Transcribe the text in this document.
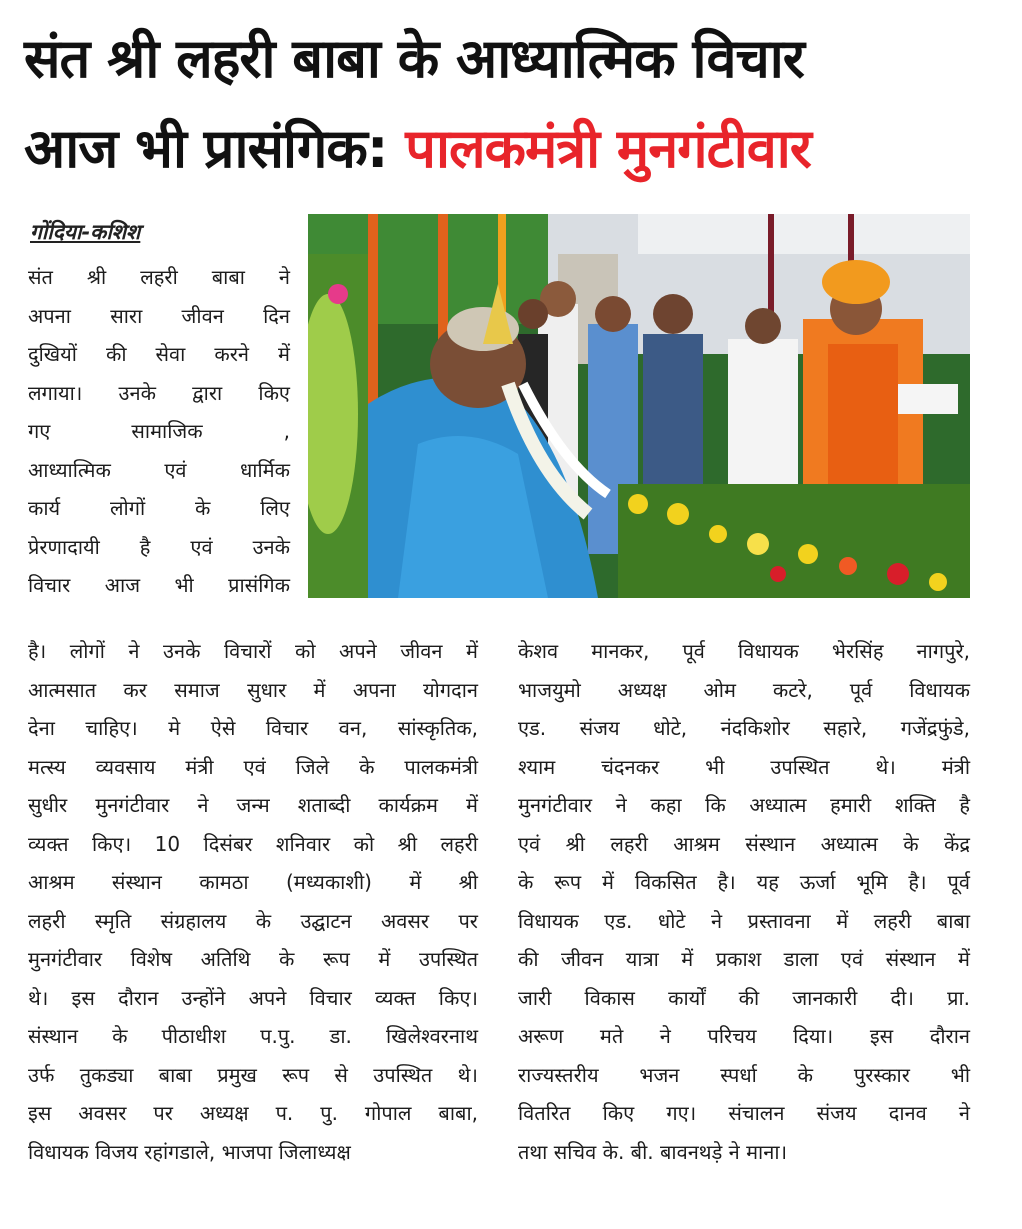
संत श्री लहरी बाबा के आध्यात्मिक विचार
आज भी प्रासंगिक: पालकमंत्री मुनगंटीवार
गोंदिया-कशिश
संत श्री लहरी बाबा ने
अपना सारा जीवन दिन
दुखियों की सेवा करने में
लगाया। उनके द्वारा किए
गए सामाजिक ,
आध्यात्मिक एवं धार्मिक
कार्य लोगों के लिए
प्रेरणादायी है एवं उनके
विचार आज भी प्रासंगिक
है। लोगों ने उनके विचारों को अपने जीवन में
आत्मसात कर समाज सुधार में अपना योगदान
देना चाहिए। मे ऐसे विचार वन, सांस्कृतिक,
मत्स्य व्यवसाय मंत्री एवं जिले के पालकमंत्री
सुधीर मुनगंटीवार ने जन्म शताब्दी कार्यक्रम में
व्यक्त किए। 10 दिसंबर शनिवार को श्री लहरी
आश्रम संस्थान कामठा (मध्यकाशी) में श्री
लहरी स्मृति संग्रहालय के उद्घाटन अवसर पर
मुनगंटीवार विशेष अतिथि के रूप में उपस्थित
थे। इस दौरान उन्होंने अपने विचार व्यक्त किए।
संस्थान के पीठाधीश प.पु. डा. खिलेश्वरनाथ
उर्फ तुकड्या बाबा प्रमुख रूप से उपस्थित थे।
इस अवसर पर अध्यक्ष प. पु. गोपाल बाबा,
विधायक विजय रहांगडाले, भाजपा जिलाध्यक्ष
केशव मानकर, पूर्व विधायक भेरसिंह नागपुरे,
भाजयुमो अध्यक्ष ओम कटरे, पूर्व विधायक
एड. संजय धोटे, नंदकिशोर सहारे, गजेंद्रफुंडे,
श्याम चंदनकर भी उपस्थित थे। मंत्री
मुनगंटीवार ने कहा कि अध्यात्म हमारी शक्ति है
एवं श्री लहरी आश्रम संस्थान अध्यात्म के केंद्र
के रूप में विकसित है। यह ऊर्जा भूमि है। पूर्व
विधायक एड. धोटे ने प्रस्तावना में लहरी बाबा
की जीवन यात्रा में प्रकाश डाला एवं संस्थान में
जारी विकास कार्यों की जानकारी दी। प्रा.
अरूण मते ने परिचय दिया। इस दौरान
राज्यस्तरीय भजन स्पर्धा के पुरस्कार भी
वितरित किए गए। संचालन संजय दानव ने
तथा सचिव के. बी. बावनथड़े ने माना।
